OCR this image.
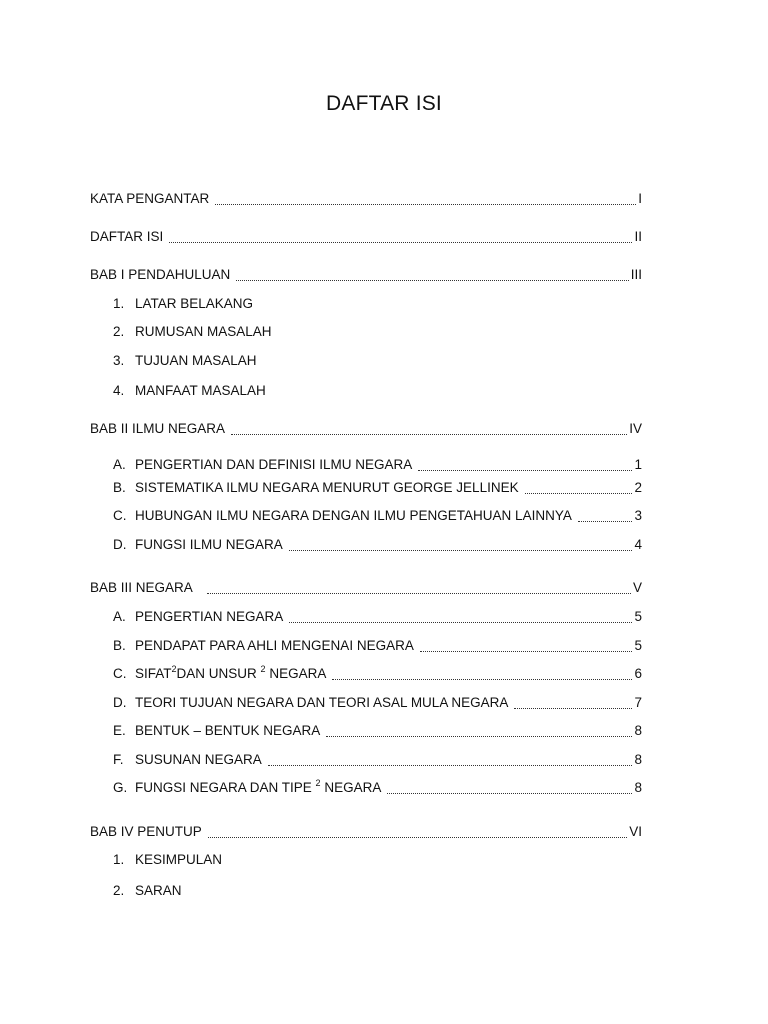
DAFTAR ISI
KATA PENGANTAR	I
DAFTAR ISI	II
BAB I PENDAHULUAN	III
1. LATAR BELAKANG
2. RUMUSAN MASALAH
3. TUJUAN MASALAH
4. MANFAAT MASALAH
BAB II ILMU NEGARA	IV
A. PENGERTIAN DAN DEFINISI ILMU NEGARA	1
B. SISTEMATIKA ILMU NEGARA MENURUT GEORGE JELLINEK	2
C. HUBUNGAN ILMU NEGARA DENGAN ILMU PENGETAHUAN LAINNYA	3
D. FUNGSI ILMU NEGARA	4
BAB III NEGARA	V
A. PENGERTIAN NEGARA	5
B. PENDAPAT PARA AHLI MENGENAI NEGARA	5
C. SIFAT$^2$DAN UNSUR $^2$ NEGARA	6
D. TEORI TUJUAN NEGARA DAN TEORI ASAL MULA NEGARA	7
E. BENTUK – BENTUK NEGARA	8
F. SUSUNAN NEGARA	8
G. FUNGSI NEGARA DAN TIPE $^2$ NEGARA	8
BAB IV PENUTUP	VI
1. KESIMPULAN
2. SARAN
